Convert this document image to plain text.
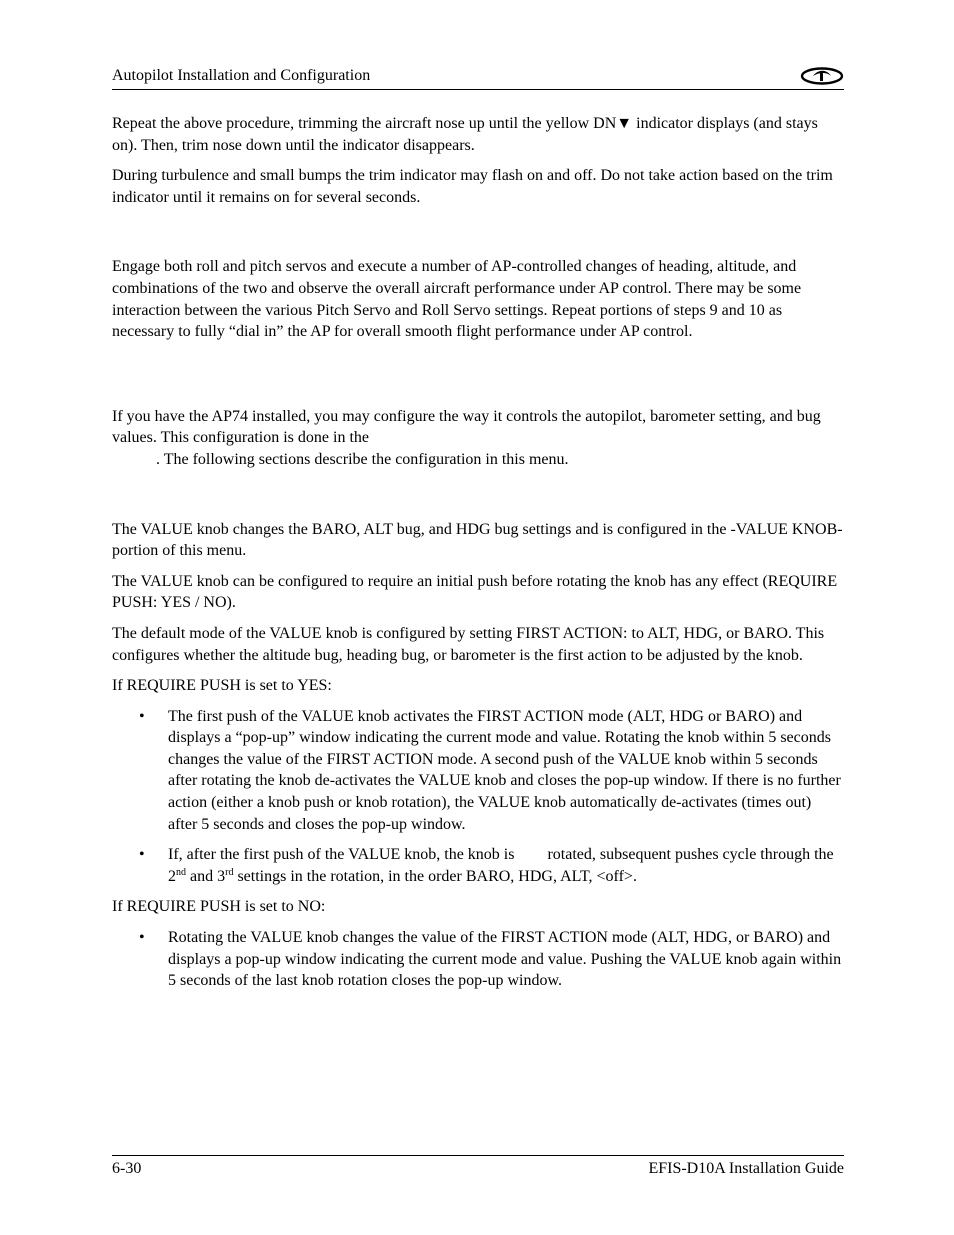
Autopilot Installation and Configuration

Repeat the above procedure, trimming the aircraft nose up until the yellow DN▼ indicator displays (and stays on). Then, trim nose down until the indicator disappears.

During turbulence and small bumps the trim indicator may flash on and off. Do not take action based on the trim indicator until it remains on for several seconds.

Engage both roll and pitch servos and execute a number of AP-controlled changes of heading, altitude, and combinations of the two and observe the overall aircraft performance under AP control. There may be some interaction between the various Pitch Servo and Roll Servo settings. Repeat portions of steps 9 and 10 as necessary to fully “dial in” the AP for overall smooth flight performance under AP control.

If you have the AP74 installed, you may configure the way it controls the autopilot, barometer setting, and bug values. This configuration is done in the
. The following sections describe the configuration in this menu.

The VALUE knob changes the BARO, ALT bug, and HDG bug settings and is configured in the -VALUE KNOB- portion of this menu.

The VALUE knob can be configured to require an initial push before rotating the knob has any effect (REQUIRE PUSH: YES / NO).

The default mode of the VALUE knob is configured by setting FIRST ACTION: to ALT, HDG, or BARO. This configures whether the altitude bug, heading bug, or barometer is the first action to be adjusted by the knob.

If REQUIRE PUSH is set to YES:

• The first push of the VALUE knob activates the FIRST ACTION mode (ALT, HDG or BARO) and displays a “pop-up” window indicating the current mode and value. Rotating the knob within 5 seconds changes the value of the FIRST ACTION mode. A second push of the VALUE knob within 5 seconds after rotating the knob de-activates the VALUE knob and closes the pop-up window. If there is no further action (either a knob push or knob rotation), the VALUE knob automatically de-activates (times out) after 5 seconds and closes the pop-up window.
• If, after the first push of the VALUE knob, the knob is rotated, subsequent pushes cycle through the 2nd and 3rd settings in the rotation, in the order BARO, HDG, ALT, <off>.

If REQUIRE PUSH is set to NO:

• Rotating the VALUE knob changes the value of the FIRST ACTION mode (ALT, HDG, or BARO) and displays a pop-up window indicating the current mode and value. Pushing the VALUE knob again within 5 seconds of the last knob rotation closes the pop-up window.
6-30	EFIS-D10A Installation Guide
